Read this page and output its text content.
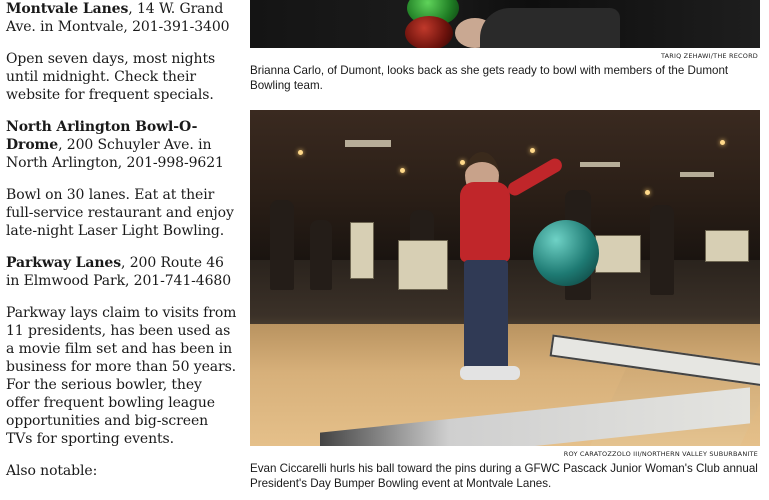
Montvale Lanes, 14 W. Grand Ave. in Montvale, 201-391-3400

Open seven days, most nights until midnight. Check their website for frequent specials.

North Arlington Bowl-O-Drome, 200 Schuyler Ave. in North Arlington, 201-998-9621

Bowl on 30 lanes. Eat at their full-service restaurant and enjoy late-night Laser Light Bowling.

Parkway Lanes, 200 Route 46 in Elmwood Park, 201-741-4680

Parkway lays claim to visits from 11 presidents, has been used as a movie film set and has been in business for more than 50 years. For the serious bowler, they offer frequent bowling league opportunities and big-screen TVs for sporting events.

Also notable:

TARIQ ZEHAWI/THE RECORD
Brianna Carlo, of Dumont, looks back as she gets ready to bowl with members of the Dumont Bowling team.
ROY CARATOZZOLO III/NORTHERN VALLEY SUBURBANITE
Evan Ciccarelli hurls his ball toward the pins during a GFWC Pascack Junior Woman's Club annual President's Day Bumper Bowling event at Montvale Lanes.
